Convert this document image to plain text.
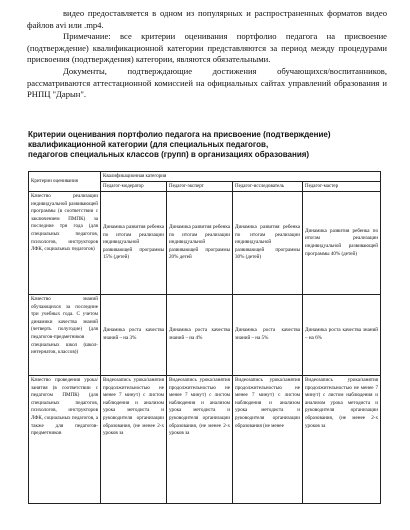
видео предоставляется в одном из популярных и распространенных форматов видео файлов avi или .mp4.

Примечание: все критерии оценивания портфолио педагога на присвоение (подтверждение) квалификационной категории представляются за период между процедурами присвоения (подтверждения) категории, являются обязательными.

Документы, подтверждающие достижения обучающихся/воспитанников, рассматриваются аттестационной комиссией на официальных сайтах управлений образования и РНПЦ "Дарын".

Критерии оценивания портфолио педагога на присвоение (подтверждение)
квалификационной категории (для специальных педагогов,
педагогов специальных классов (групп) в организациях образования)
Критерии оценивания	Квалификационная категория			
	Педагог-модератор	Педагог-эксперт	Педагог-исследователь	Педагог-мастер
Качество реализации индивидуальной развивающей программы (в соответствии с заключением ПМПК) за последние три года (для специальных педагогов, психологов, инструкторов ЛФК, социальных педагогов)	Динамика развития ребенка по итогам реализации индивидуальной развивающей программы 15% (детей)	Динамика развития ребенка по итогам реализации индивидуальной развивающей программы 20% детей	Динамика развития ребенка по итогам реализации индивидуальной развивающей программы 30% (детей)	Динамика развития ребенка по итогам реализации индивидуальной развивающей программы 40% (детей)
Качество знаний обучающихся за последние три учебных года. С учетом динамики качества знаний (четверть полугодие) (для педагогов-предметников специальных школ (школ-интернатов, классов))	Динамика роста качества знаний – на 3%	Динамика роста качества знаний – на 4%	Динамика роста качества знаний – на 5%	Динамика роста качества знаний – на 6%
Качество проведения урока/занятия (в соответствии с педагогом ПМПК) (для специальных педагогов, психологов, инструкторов ЛФК, социальных педагогов, а также для педагогов-предметников	Видеозапись урока/занятия продолжительностью не менее 7 минут) с листом наблюдения и анализом урока методиста и руководителя организации образования, (не менее 2-х уроков за	Видеозапись урока/занятия продолжительностью не менее 7 минут) с листом наблюдения и анализом урока методиста и руководителя организации образования, (не менее 2-х уроков за	Видеозапись урока/занятия продолжительностью не менее 7 минут) с листом наблюдения и анализом урока методиста и руководителя организации образования (не менее	Видеозапись урока/занятия продолжительностью не менее 7 минут) с листом наблюдения и анализом урока методиста и руководителя организации образования, (не менее 2-х уроков за
